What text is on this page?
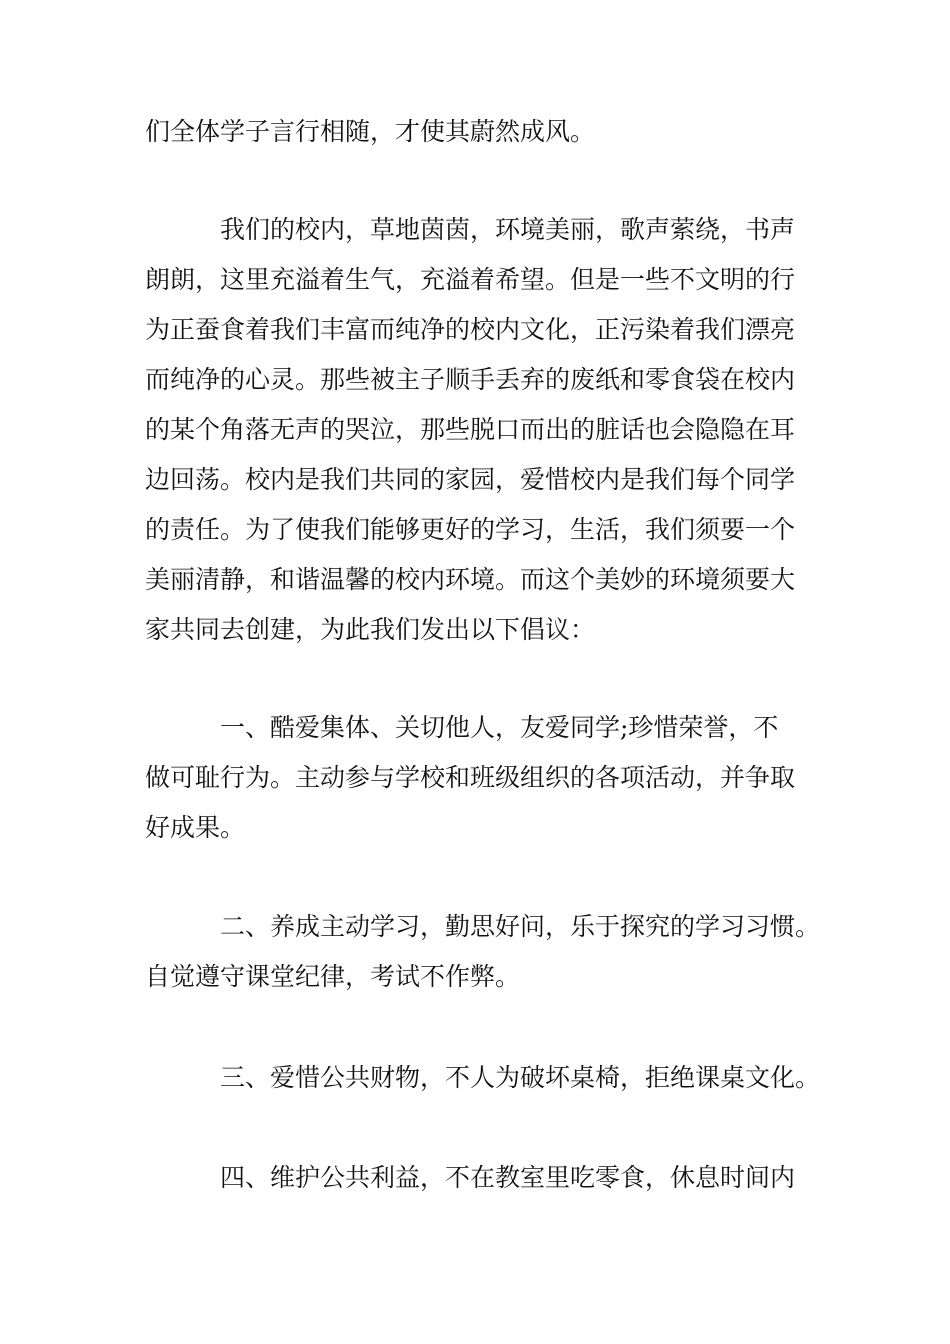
们全体学子言行相随，才使其蔚然成风。
我们的校内，草地茵茵，环境美丽，歌声萦绕，书声
朗朗，这里充溢着生气，充溢着希望。但是一些不文明的行
为正蚕食着我们丰富而纯净的校内文化，正污染着我们漂亮
而纯净的心灵。那些被主子顺手丢弃的废纸和零食袋在校内
的某个角落无声的哭泣，那些脱口而出的脏话也会隐隐在耳
边回荡。校内是我们共同的家园，爱惜校内是我们每个同学
的责任。为了使我们能够更好的学习，生活，我们须要一个
美丽清静，和谐温馨的校内环境。而这个美妙的环境须要大
家共同去创建，为此我们发出以下倡议：
一、酷爱集体、关切他人，友爱同学;珍惜荣誉，不
做可耻行为。主动参与学校和班级组织的各项活动，并争取
好成果。
二、养成主动学习，勤思好问，乐于探究的学习习惯。
自觉遵守课堂纪律，考试不作弊。
三、爱惜公共财物，不人为破坏桌椅，拒绝课桌文化。
四、维护公共利益，不在教室里吃零食，休息时间内
